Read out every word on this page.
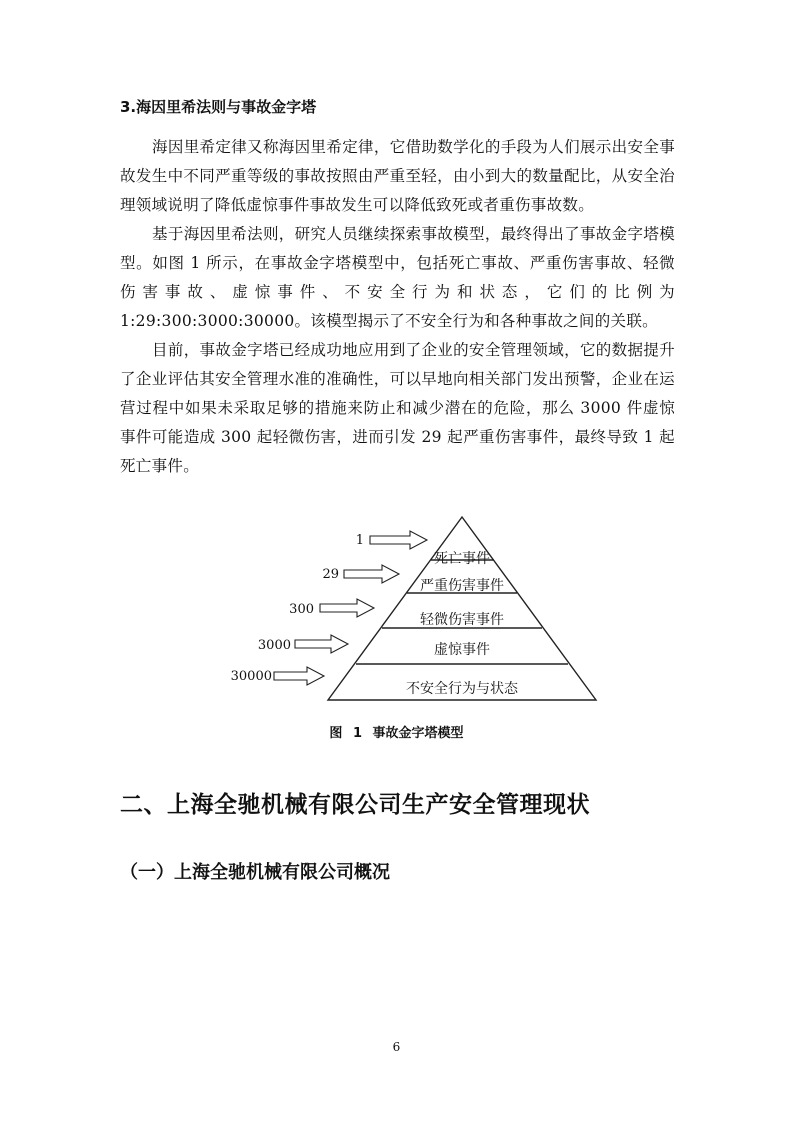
3.海因里希法则与事故金字塔

海因里希定律又称海因里希定律，它借助数学化的手段为人们展示出安全事故发生中不同严重等级的事故按照由严重至轻，由小到大的数量配比，从安全治理领域说明了降低虚惊事件事故发生可以降低致死或者重伤事故数。

基于海因里希法则，研究人员继续探索事故模型，最终得出了事故金字塔模型。如图 1 所示，在事故金字塔模型中，包括死亡事故、严重伤害事故、轻微伤害事故、虚惊事件、不安全行为和状态，它们的比例为 1:29:300:3000:30000。该模型揭示了不安全行为和各种事故之间的关联。

目前，事故金字塔已经成功地应用到了企业的安全管理领域，它的数据提升了企业评估其安全管理水准的准确性，可以早地向相关部门发出预警，企业在运营过程中如果未采取足够的措施来防止和减少潜在的危险，那么 3000 件虚惊事件可能造成 300 起轻微伤害，进而引发 29 起严重伤害事件，最终导致 1 起死亡事件。

死亡事件
严重伤害事件
轻微伤害事件
虚惊事件
不安全行为与状态
1
29
300
3000
30000
图 1 事故金字塔模型
二、上海全驰机械有限公司生产安全管理现状
（一）上海全驰机械有限公司概况
6
